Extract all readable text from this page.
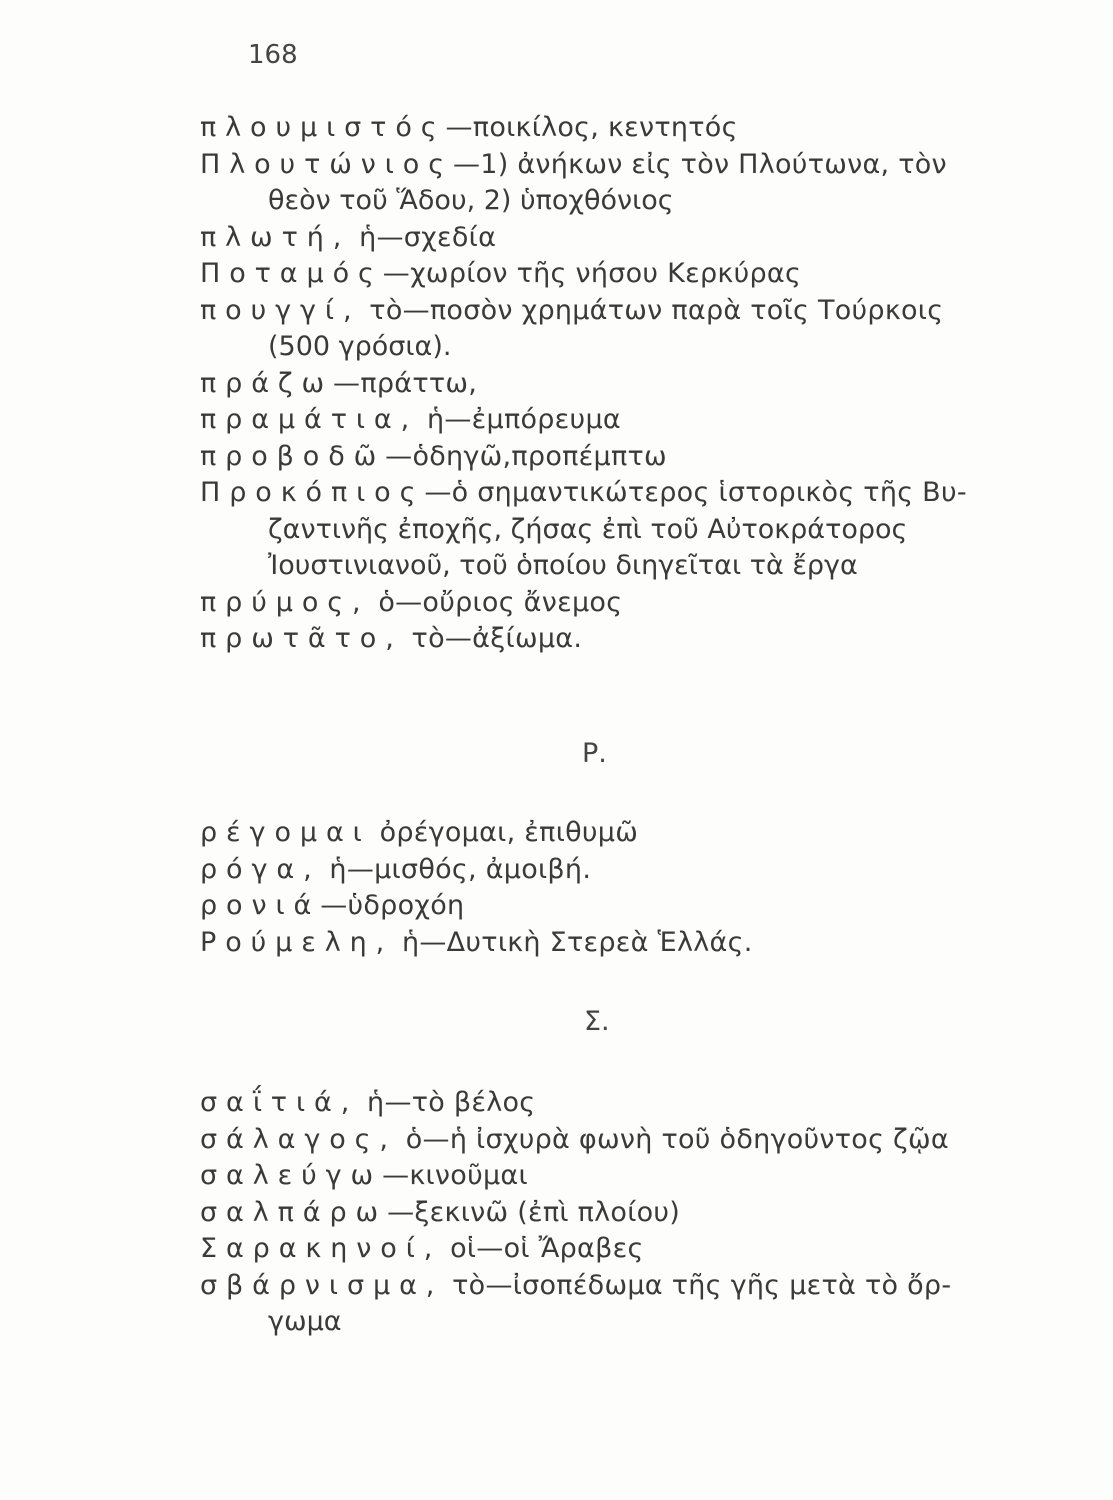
168
πλουμιστός—ποικίλος, κεντητός
Πλουτώνιος—1) ἀνήκων εἰς τὸν Πλούτωνα, τὸν
θεὸν τοῦ Ἅδου, 2) ὑποχθόνιος
πλωτή, ἡ—σχεδία
Ποταμός—χωρίον τῆς νήσου Κερκύρας
πουγγί, τὸ—ποσὸν χρημάτων παρὰ τοῖς Τούρκοις
(500 γρόσια).
πράζω—πράττω,
πραμάτια, ἡ—ἐμπόρευμα
προβοδῶ—ὁδηγῶ,προπέμπτω
Προκόπιος—ὁ σημαντικώτερος ἱστορικὸς τῆς Βυ-
ζαντινῆς ἐποχῆς, ζήσας ἐπὶ τοῦ Αὐτοκράτορος
Ἰουστινιανοῦ, τοῦ ὁποίου διηγεῖται τὰ ἔργα
πρύμος, ὁ—οὔριος ἄνεμος
πρωτᾶτο, τὸ—ἀξίωμα.
Ρ.
ρέγομαι ὀρέγομαι, ἐπιθυμῶ
ρόγα, ἡ—μισθός, ἀμοιβή.
ρονιά—ὑδροχόη
Ρούμελη, ἡ—Δυτικὴ Στερεὰ Ἑλλάς.
Σ.
σαΐτιά, ἡ—τὸ βέλος
σάλαγος, ὁ—ἡ ἰσχυρὰ φωνὴ τοῦ ὁδηγοῦντος ζῷα
σαλεύγω—κινοῦμαι
σαλπάρω—ξεκινῶ (ἐπὶ πλοίου)
Σαρακηνοί, οἱ—οἱ Ἄραβες
σβάρνισμα, τὸ—ἰσοπέδωμα τῆς γῆς μετὰ τὸ ὄρ-
γωμα
